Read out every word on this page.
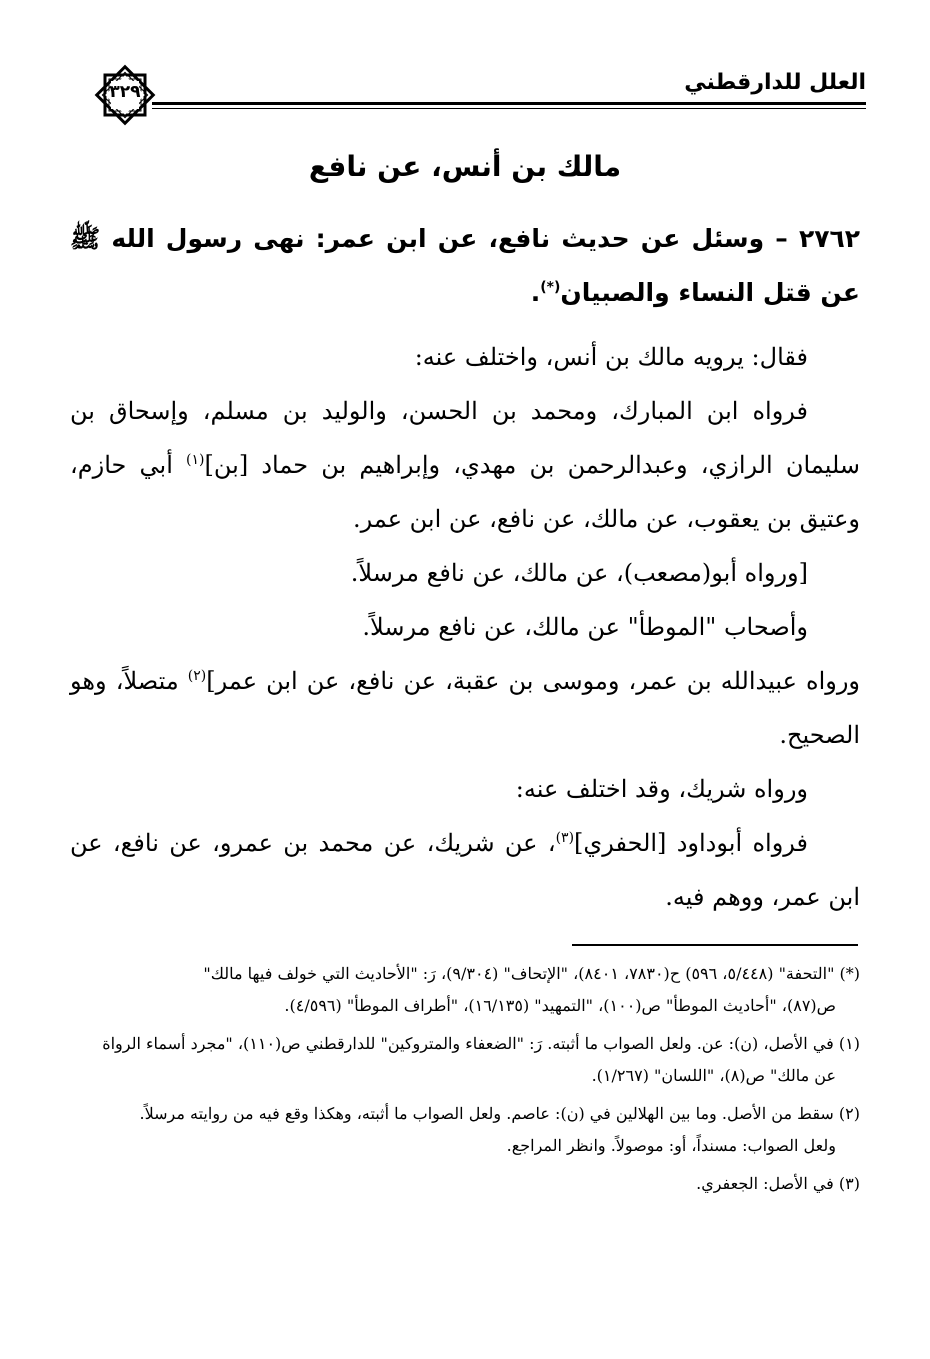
العلل للدارقطني
٣٢٩
مالك بن أنس، عن نافع

٢٧٦٢ – وسئل عن حديث نافع، عن ابن عمر: نهى رسول الله ﷺ عن قتل النساء والصبيان(*).

فقال: يرويه مالك بن أنس، واختلف عنه:

فرواه ابن المبارك، ومحمد بن الحسن، والوليد بن مسلم، وإسحاق بن سليمان الرازي، وعبدالرحمن بن مهدي، وإبراهيم بن حماد [بن]$^{(١)}$ أبي حازم، وعتيق بن يعقوب، عن مالك، عن نافع، عن ابن عمر.

[ورواه أبو(مصعب)، عن مالك، عن نافع مرسلاً.

وأصحاب "الموطأ" عن مالك، عن نافع مرسلاً.

ورواه عبيدالله بن عمر، وموسى بن عقبة، عن نافع، عن ابن عمر]$^{(٢)}$ متصلاً، وهو الصحيح.

ورواه شريك، وقد اختلف عنه:

فرواه أبوداود [الحفري]$^{(٣)}$، عن شريك، عن محمد بن عمرو، عن نافع، عن ابن عمر، ووهم فيه.

(*) "التحفة" (٥/٤٤٨، ٥٩٦) ح(٧٨٣٠، ٨٤٠١)، "الإتحاف" (٩/٣٠٤)، رَ: "الأحاديث التي خولف فيها مالك"
ص(٨٧)، "أحاديث الموطأ" ص(١٠٠)، "التمهيد" (١٦/١٣٥)، "أطراف الموطأ" (٤/٥٩٦).

(١) في الأصل، (ن): عن. ولعل الصواب ما أثبته. رَ: "الضعفاء والمتروكين" للدارقطني ص(١١٠)، "مجرد أسماء الرواة
عن مالك" ص(٨)، "اللسان" (١/٢٦٧).

(٢) سقط من الأصل. وما بين الهلالين في (ن): عاصم. ولعل الصواب ما أثبته، وهكذا وقع فيه من روايته مرسلاً.
ولعل الصواب: مسنداً، أو: موصولاً. وانظر المراجع.

(٣) في الأصل: الجعفري.
